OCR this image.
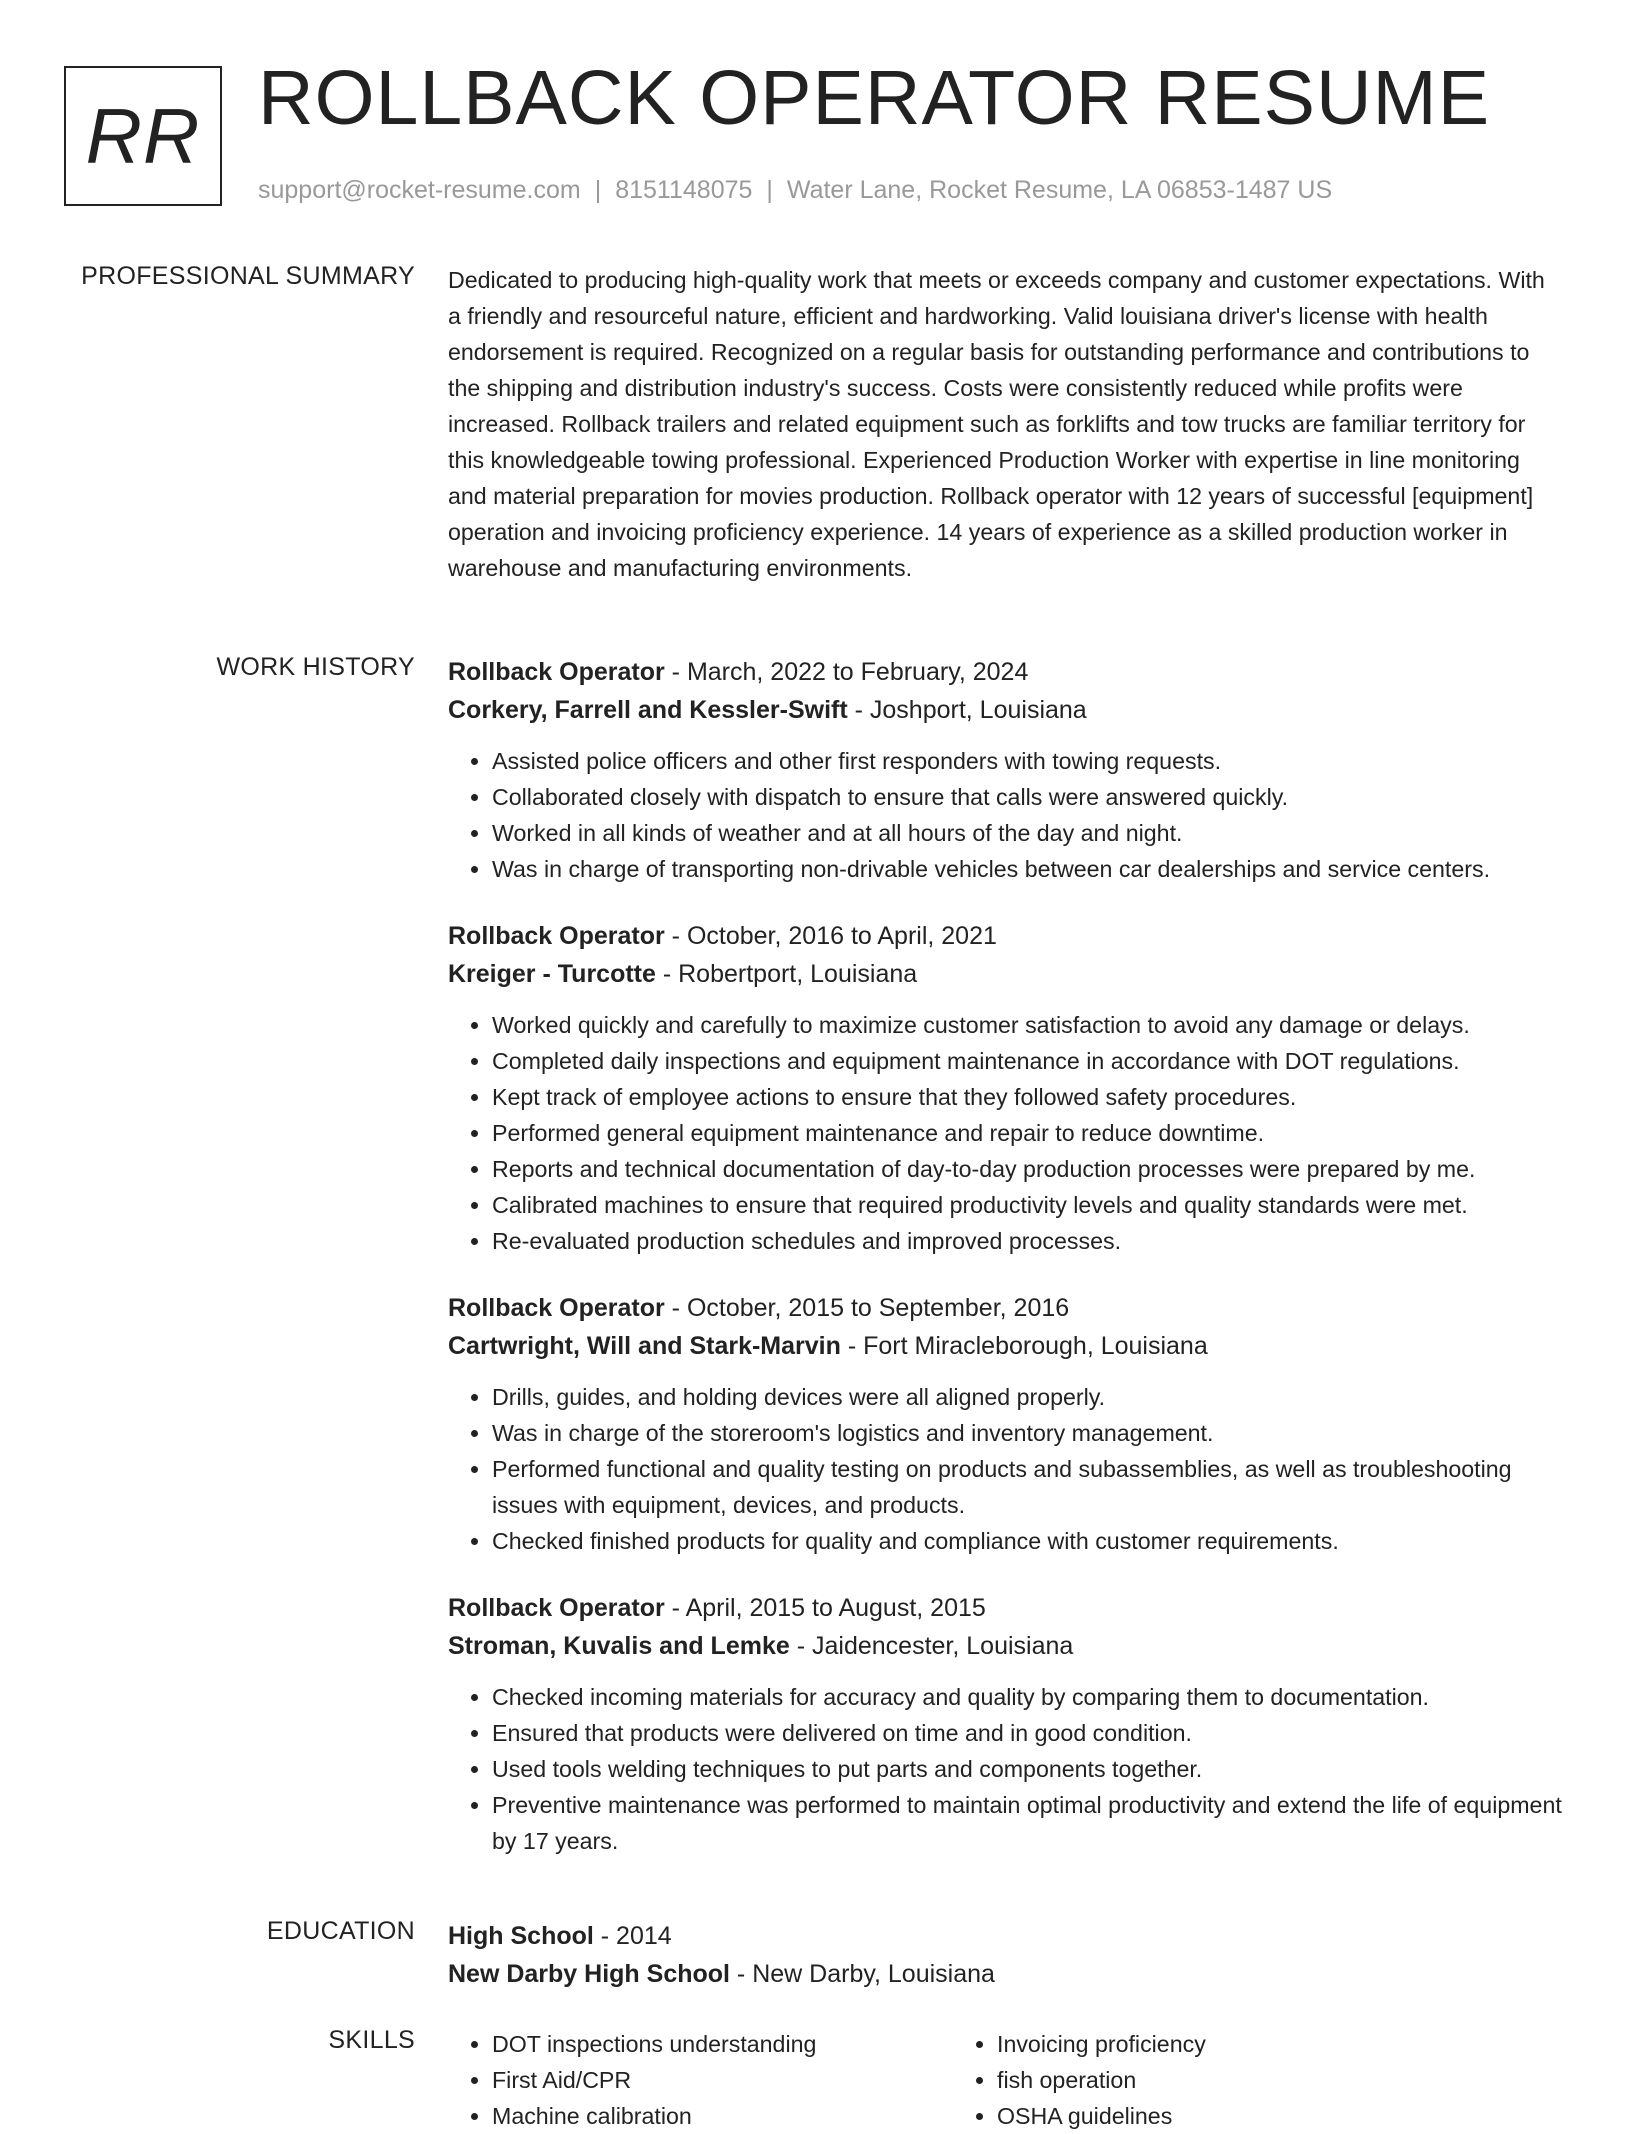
RR ROLLBACK OPERATOR RESUME
support@rocket-resume.com | 8151148075 | Water Lane, Rocket Resume, LA 06853-1487 US
PROFESSIONAL SUMMARY Dedicated to producing high-quality work that meets or exceeds company and customer expectations. With a friendly and resourceful nature, efficient and hardworking. Valid louisiana driver's license with health endorsement is required. Recognized on a regular basis for outstanding performance and contributions to the shipping and distribution industry's success. Costs were consistently reduced while profits were increased. Rollback trailers and related equipment such as forklifts and tow trucks are familiar territory for this knowledgeable towing professional. Experienced Production Worker with expertise in line monitoring and material preparation for movies production. Rollback operator with 12 years of successful [equipment] operation and invoicing proficiency experience. 14 years of experience as a skilled production worker in warehouse and manufacturing environments.

WORK HISTORY Rollback Operator - March, 2022 to February, 2024
Corkery, Farrell and Kessler-Swift - Joshport, Louisiana
• Assisted police officers and other first responders with towing requests.
• Collaborated closely with dispatch to ensure that calls were answered quickly.
• Worked in all kinds of weather and at all hours of the day and night.
• Was in charge of transporting non-drivable vehicles between car dealerships and service centers.
Rollback Operator - October, 2016 to April, 2021
Kreiger - Turcotte - Robertport, Louisiana
• Worked quickly and carefully to maximize customer satisfaction to avoid any damage or delays.
• Completed daily inspections and equipment maintenance in accordance with DOT regulations.
• Kept track of employee actions to ensure that they followed safety procedures.
• Performed general equipment maintenance and repair to reduce downtime.
• Reports and technical documentation of day-to-day production processes were prepared by me.
• Calibrated machines to ensure that required productivity levels and quality standards were met.
• Re-evaluated production schedules and improved processes.
Rollback Operator - October, 2015 to September, 2016
Cartwright, Will and Stark-Marvin - Fort Miracleborough, Louisiana
• Drills, guides, and holding devices were all aligned properly.
• Was in charge of the storeroom's logistics and inventory management.
• Performed functional and quality testing on products and subassemblies, as well as troubleshooting issues with equipment, devices, and products.
• Checked finished products for quality and compliance with customer requirements.
Rollback Operator - April, 2015 to August, 2015
Stroman, Kuvalis and Lemke - Jaidencester, Louisiana
• Checked incoming materials for accuracy and quality by comparing them to documentation.
• Ensured that products were delivered on time and in good condition.
• Used tools welding techniques to put parts and components together.
• Preventive maintenance was performed to maintain optimal productivity and extend the life of equipment by 17 years.
EDUCATION High School - 2014
New Darby High School - New Darby, Louisiana
SKILLS
•	DOT inspections understanding
• First Aid/CPR
• Machine calibration
• Invoicing proficiency
• fish operation
• OSHA guidelines
